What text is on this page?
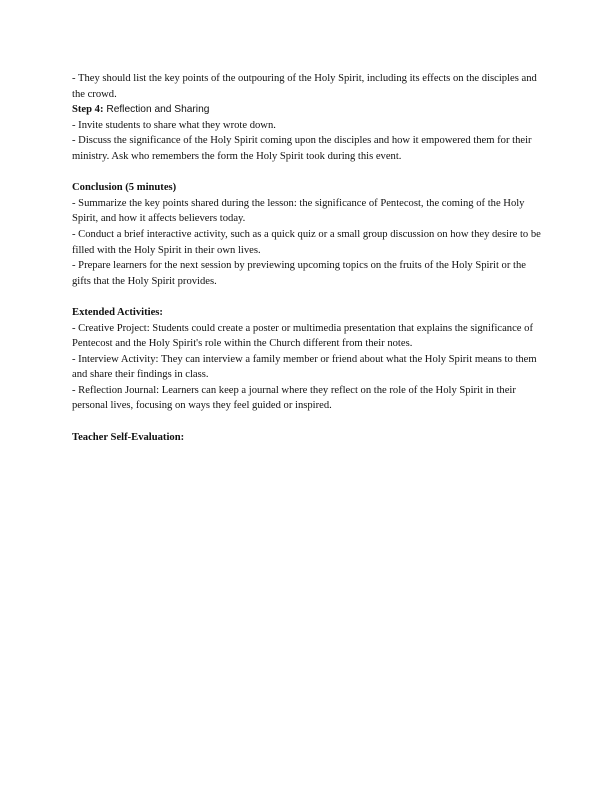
- They should list the key points of the outpouring of the Holy Spirit, including its effects on the disciples and the crowd.
Step 4: Reflection and Sharing
- Invite students to share what they wrote down.
- Discuss the significance of the Holy Spirit coming upon the disciples and how it empowered them for their ministry. Ask who remembers the form the Holy Spirit took during this event.
Conclusion (5 minutes)
- Summarize the key points shared during the lesson: the significance of Pentecost, the coming of the Holy Spirit, and how it affects believers today.
- Conduct a brief interactive activity, such as a quick quiz or a small group discussion on how they desire to be filled with the Holy Spirit in their own lives.
- Prepare learners for the next session by previewing upcoming topics on the fruits of the Holy Spirit or the gifts that the Holy Spirit provides.
Extended Activities:
- Creative Project: Students could create a poster or multimedia presentation that explains the significance of Pentecost and the Holy Spirit's role within the Church different from their notes.
- Interview Activity: They can interview a family member or friend about what the Holy Spirit means to them and share their findings in class.
- Reflection Journal: Learners can keep a journal where they reflect on the role of the Holy Spirit in their personal lives, focusing on ways they feel guided or inspired.
Teacher Self-Evaluation:
